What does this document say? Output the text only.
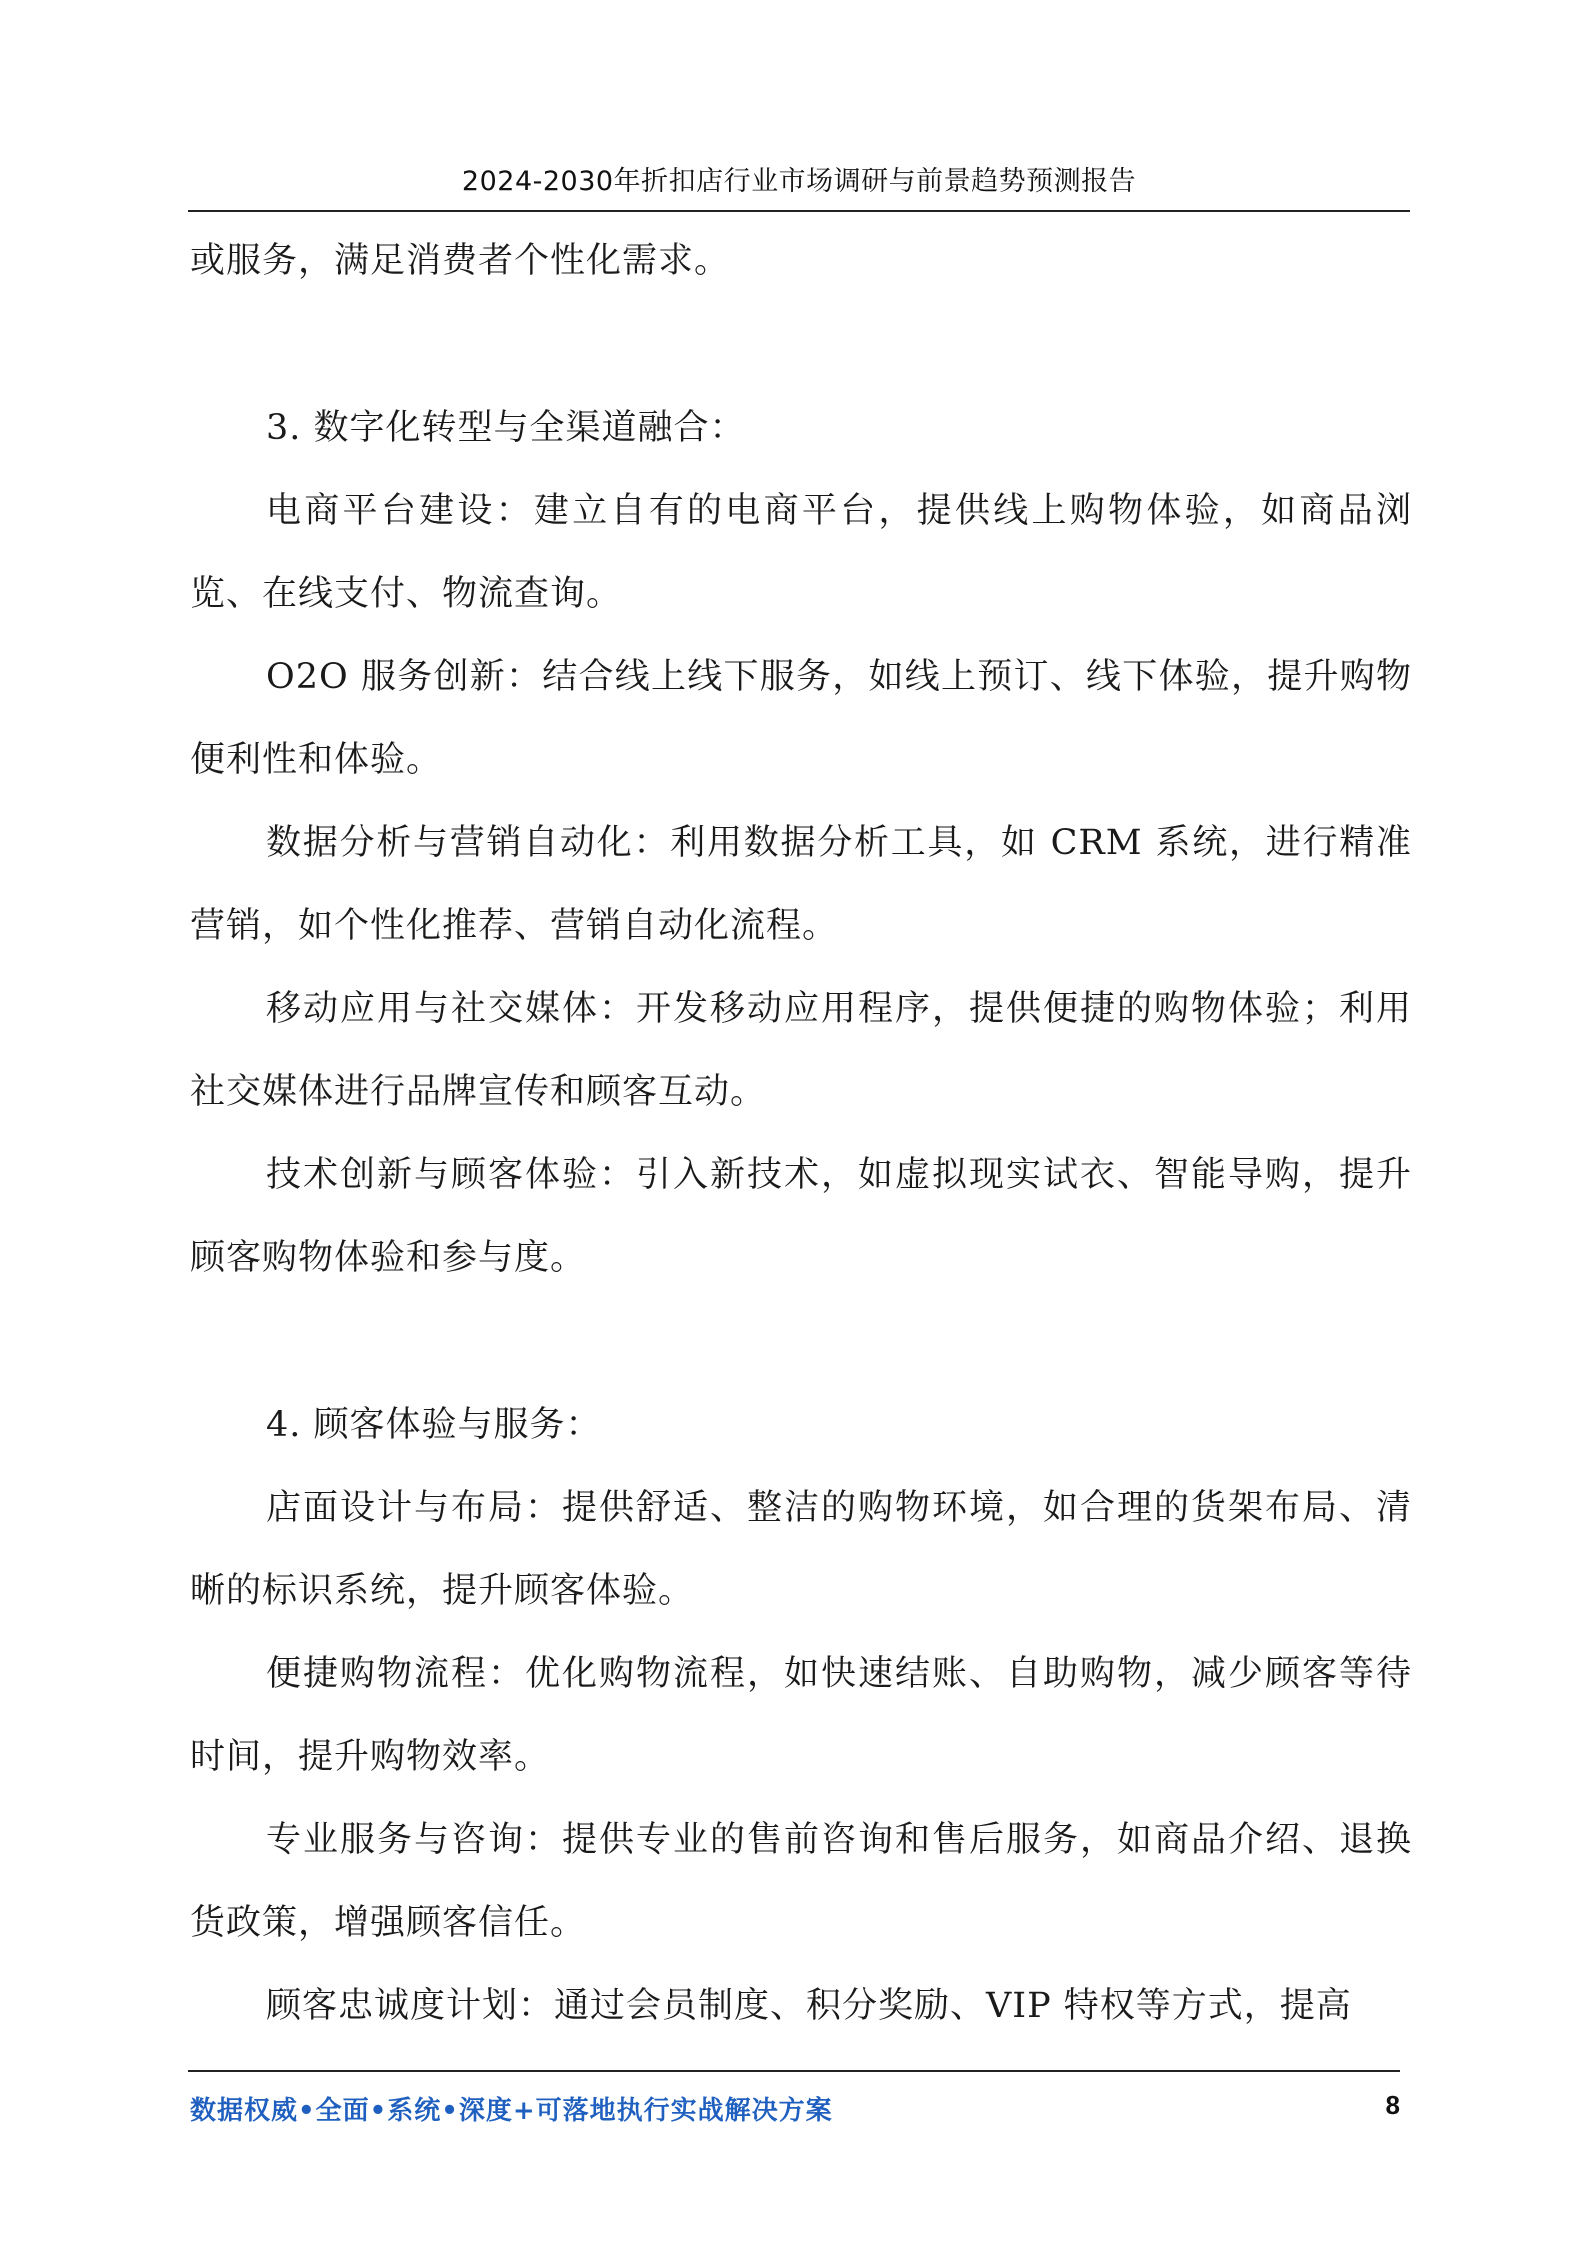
2024-2030年折扣店行业市场调研与前景趋势预测报告

或服务，满足消费者个性化需求。

3. 数字化转型与全渠道融合：

电商平台建设：建立自有的电商平台，提供线上购物体验，如商品浏览、在线支付、物流查询。

O2O 服务创新：结合线上线下服务，如线上预订、线下体验，提升购物便利性和体验。

数据分析与营销自动化：利用数据分析工具，如 CRM 系统，进行精准营销，如个性化推荐、营销自动化流程。

移动应用与社交媒体：开发移动应用程序，提供便捷的购物体验；利用社交媒体进行品牌宣传和顾客互动。

技术创新与顾客体验：引入新技术，如虚拟现实试衣、智能导购，提升顾客购物体验和参与度。

4. 顾客体验与服务：

店面设计与布局：提供舒适、整洁的购物环境，如合理的货架布局、清晰的标识系统，提升顾客体验。

便捷购物流程：优化购物流程，如快速结账、自助购物，减少顾客等待时间，提升购物效率。

专业服务与咨询：提供专业的售前咨询和售后服务，如商品介绍、退换货政策，增强顾客信任。

顾客忠诚度计划：通过会员制度、积分奖励、VIP 特权等方式，提高

数据权威•全面•系统•深度+可落地执行实战解决方案	8
